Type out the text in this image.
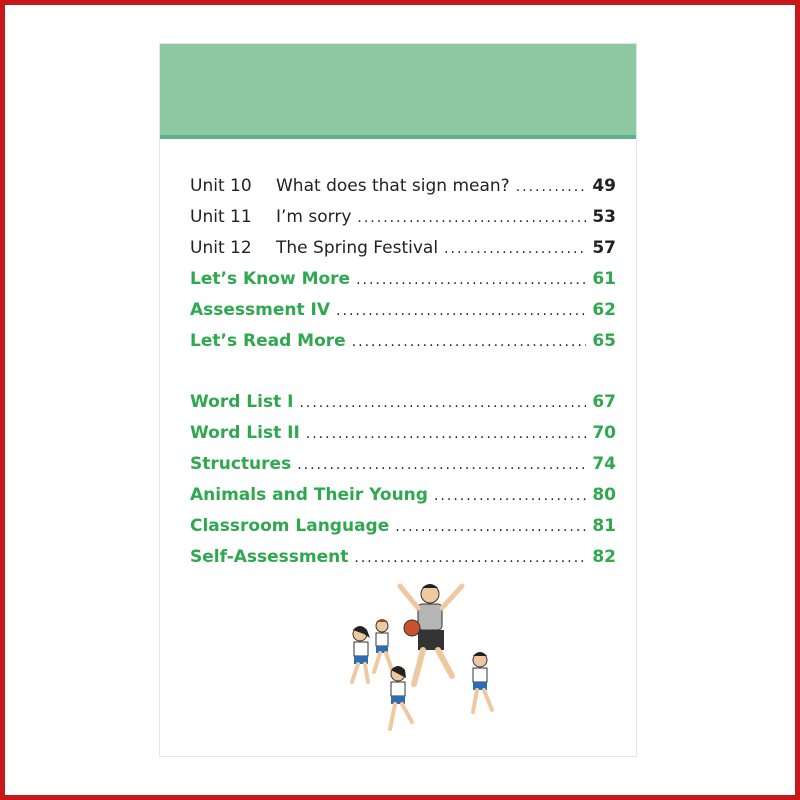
Unit 10	What does that sign mean? .....	49
Unit 11	I’m sorry .....	53
Unit 12	The Spring Festival .....	57
Let’s Know More .....	61
Assessment IV .....	62
Let’s Read More .....	65
Word List I .....	67
Word List II .....	70
Structures .....	74
Animals and Their Young .....	80
Classroom Language .....	81
Self-Assessment .....	82
